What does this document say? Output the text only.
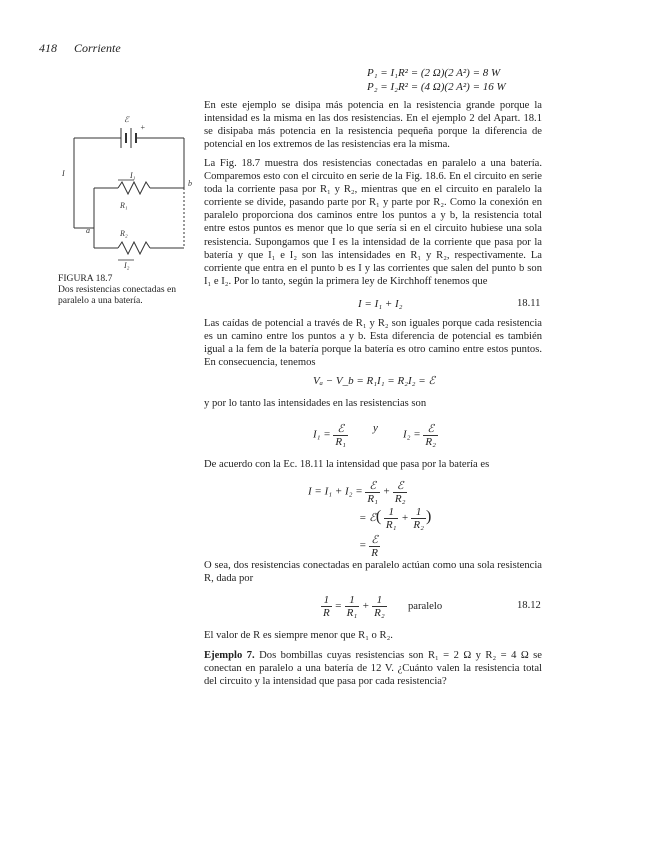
418 Corriente
P₁ = I₁R² = (2 Ω)(2 A²) = 8 W
P₂ = I₂R² = (4 Ω)(2 A²) = 16 W
En este ejemplo se disipa más potencia en la resistencia grande porque la intensidad es la misma en las dos resistencias. En el ejemplo 2 del Apart. 18.1 se disipaba más potencia en la resistencia pequeña porque la diferencia de potencial en los extremos de las resistencias era la misma.
La Fig. 18.7 muestra dos resistencias conectadas en paralelo a una batería. Comparemos esto con el circuito en serie de la Fig. 18.6. En el circuito en serie toda la corriente pasa por R₁ y R₂, mientras que en el circuito en paralelo la corriente se divide, pasando parte por R₁ y parte por R₂. Como la conexión en paralelo proporciona dos caminos entre los puntos a y b, la resistencia total entre estos puntos es menor que lo que sería si en el circuito hubiese una sola resistencia. Supongamos que I es la intensidad de la corriente que pasa por la batería y que I₁ e I₂ son las intensidades en R₁ y R₂, respectivamente. La corriente que entra en el punto b es I y las corrientes que salen del punto b son I₁ e I₂. Por lo tanto, según la primera ley de Kirchhoff tenemos que
I = I₁ + I₂	18.11
Las caídas de potencial a través de R₁ y R₂ son iguales porque cada resistencia es un camino entre los puntos a y b. Esta diferencia de potencial es también igual a la fem de la batería porque la batería es otro camino entre estos puntos. En consecuencia, tenemos
Vₐ − V_b = R₁I₁ = R₂I₂ = ℰ
y por lo tanto las intensidades en las resistencias son
$I_1 = \frac{\text{ℰ}}{\text{R₁}}$ y
$I_2 = \frac{\text{ℰ}}{\text{R₂}}$
De acuerdo con la Ec. 18.11 la intensidad que pasa por la batería es
$I = I_1 + I_2 = \frac{\text{ℰ}}{\text{R₁}} + \frac{\text{ℰ}}{\text{R₂}}$
= ℰ( $\frac{1}{\text{R₁}} + \frac{1}{\text{R₂}}$ )
= $\frac{\text{ℰ}}{R}$
O sea, dos resistencias conectadas en paralelo actúan como una sola resistencia R, dada por
$\frac{1}{R} = \frac{1}{\text{R₁}} + \frac{1}{\text{R₂}}$ paralelo	18.12
El valor de R es siempre menor que R₁ o R₂.
Ejemplo 7. Dos bombillas cuyas resistencias son R₁ = 2 Ω y R₂ = 4 Ω se conectan en paralelo a una batería de 12 V. ¿Cuánto valen la resistencia total del circuito y la intensidad que pasa por cada resistencia?
ℰ
+
I	I₁
R₁
R₂
I₂
a
b
FIGURA 18.7
Dos resistencias conectadas en paralelo a una batería.
